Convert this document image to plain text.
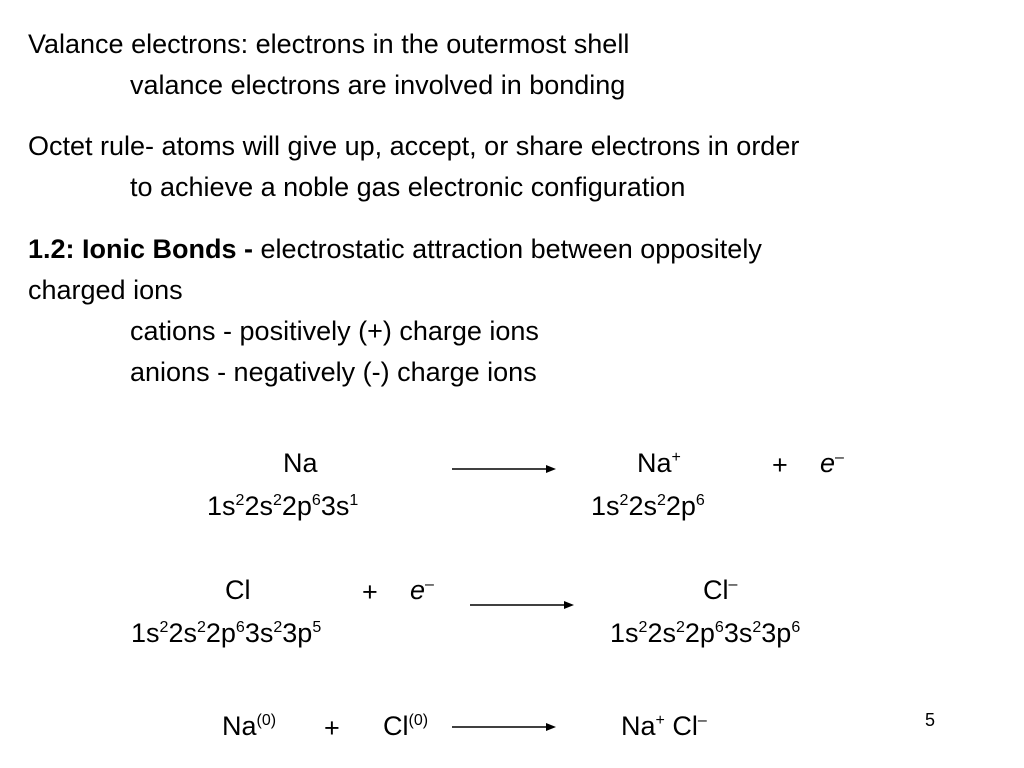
Valance electrons: electrons in the outermost shell
valance electrons are involved in bonding
Octet rule- atoms will give up, accept, or share electrons in order
to achieve a noble gas electronic configuration
1.2: Ionic Bonds - electrostatic attraction between oppositely
charged ions
cations - positively (+) charge ions
anions - negatively (-) charge ions
Na	Na+	+ e–
$1s^22s^22p^63s^1$	$1s^22s^22p^6$
Cl	+ e–	Cl–
$1s^22s^22p^63s^23p^5$	$1s^22s^22p^63s^23p^6$
$Na^{(0)} + Cl^{(0)}$	Na+ Cl–	5
